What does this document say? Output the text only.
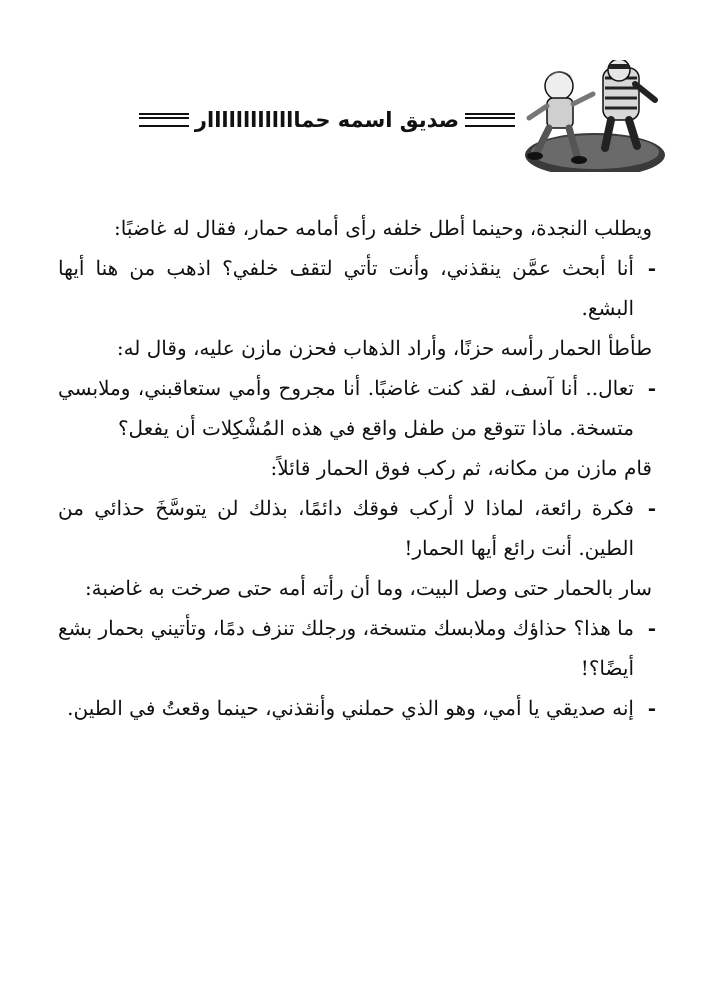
صديق اسمه حمااااااااااااار

ويطلب النجدة، وحينما أطل خلفه رأى أمامه حمار، فقال له غاضبًا:

-
أنا أبحث عمَّن ينقذني، وأنت تأتي لتقف خلفي؟ اذهب من هنا أيها البشع.

طأطأ الحمار رأسه حزنًا، وأراد الذهاب فحزن مازن عليه، وقال له:

-
تعال.. أنا آسف، لقد كنت غاضبًا. أنا مجروح وأمي ستعاقبني، وملابسي متسخة. ماذا تتوقع من طفل واقع في هذه المُشْكِلات أن يفعل؟

قام مازن من مكانه، ثم ركب فوق الحمار قائلاً:

-
فكرة رائعة، لماذا لا أركب فوقك دائمًا، بذلك لن يتوسَّخَ حذائي من الطين. أنت رائع أيها الحمار!

سار بالحمار حتى وصل البيت، وما أن رأته أمه حتى صرخت به غاضبة:

-
ما هذا؟ حذاؤك وملابسك متسخة، ورجلك تنزف دمًا، وتأتيني بحمار بشع أيضًا؟!

-
إنه صديقي يا أمي، وهو الذي حملني وأنقذني، حينما وقعتُ في الطين.
